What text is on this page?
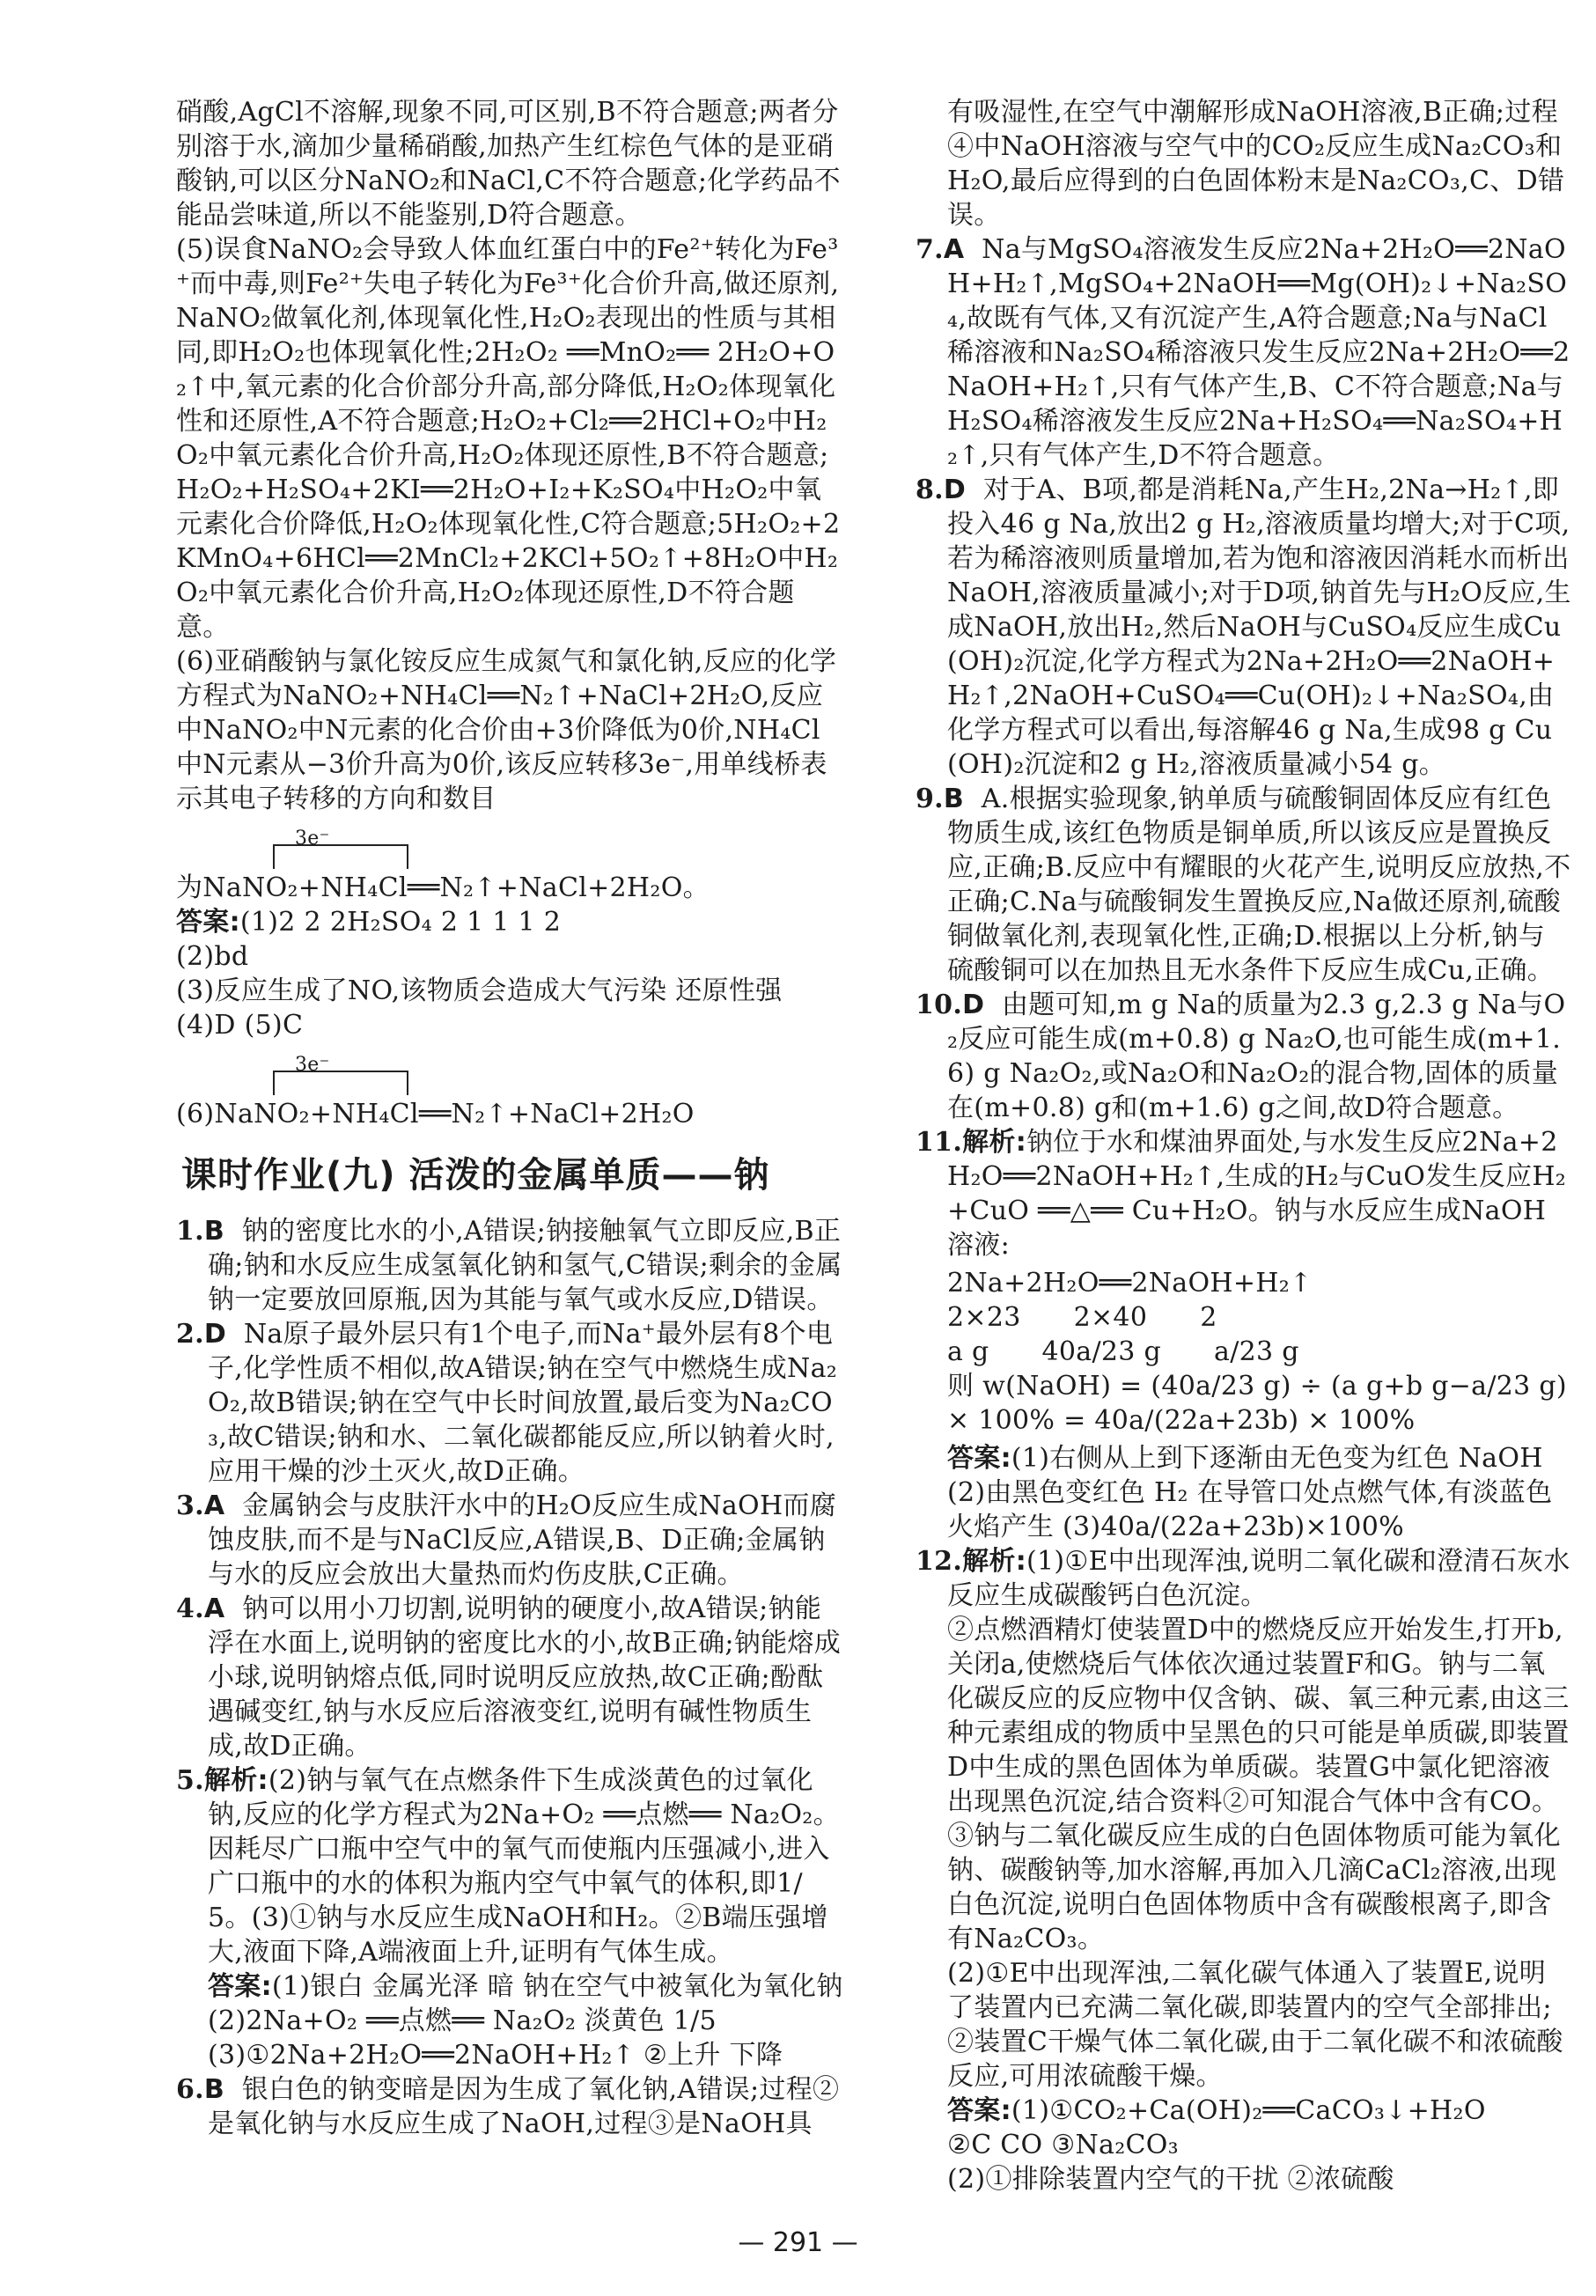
硝酸,AgCl不溶解,现象不同,可区别,B不符合题意;两者分别溶于水,滴加少量稀硝酸,加热产生红棕色气体的是亚硝酸钠,可以区分NaNO₂和NaCl,C不符合题意;化学药品不能品尝味道,所以不能鉴别,D符合题意。

(5)误食NaNO₂会导致人体血红蛋白中的Fe²⁺转化为Fe³⁺而中毒,则Fe²⁺失电子转化为Fe³⁺化合价升高,做还原剂,NaNO₂做氧化剂,体现氧化性,H₂O₂表现出的性质与其相同,即H₂O₂也体现氧化性;2H₂O₂ ══MnO₂══ 2H₂O+O₂↑中,氧元素的化合价部分升高,部分降低,H₂O₂体现氧化性和还原性,A不符合题意;H₂O₂+Cl₂══2HCl+O₂中H₂O₂中氧元素化合价升高,H₂O₂体现还原性,B不符合题意;H₂O₂+H₂SO₄+2KI══2H₂O+I₂+K₂SO₄中H₂O₂中氧元素化合价降低,H₂O₂体现氧化性,C符合题意;5H₂O₂+2KMnO₄+6HCl══2MnCl₂+2KCl+5O₂↑+8H₂O中H₂O₂中氧元素化合价升高,H₂O₂体现还原性,D不符合题意。

(6)亚硝酸钠与氯化铵反应生成氮气和氯化钠,反应的化学方程式为NaNO₂+NH₄Cl══N₂↑+NaCl+2H₂O,反应中NaNO₂中N元素的化合价由+3价降低为0价,NH₄Cl中N元素从−3价升高为0价,该反应转移3e⁻,用单线桥表示其电子转移的方向和数目

3e⁻

为NaNO₂+NH₄Cl══N₂↑+NaCl+2H₂O。

答案:(1)2 2 2H₂SO₄ 2 1 1 1 2

(2)bd

(3)反应生成了NO,该物质会造成大气污染 还原性强

(4)D (5)C

3e⁻

(6)NaNO₂+NH₄Cl══N₂↑+NaCl+2H₂O

课时作业(九) 活泼的金属单质——钠

1.B 钠的密度比水的小,A错误;钠接触氧气立即反应,B正确;钠和水反应生成氢氧化钠和氢气,C错误;剩余的金属钠一定要放回原瓶,因为其能与氧气或水反应,D错误。

2.D Na原子最外层只有1个电子,而Na⁺最外层有8个电子,化学性质不相似,故A错误;钠在空气中燃烧生成Na₂O₂,故B错误;钠在空气中长时间放置,最后变为Na₂CO₃,故C错误;钠和水、二氧化碳都能反应,所以钠着火时,应用干燥的沙土灭火,故D正确。

3.A 金属钠会与皮肤汗水中的H₂O反应生成NaOH而腐蚀皮肤,而不是与NaCl反应,A错误,B、D正确;金属钠与水的反应会放出大量热而灼伤皮肤,C正确。

4.A 钠可以用小刀切割,说明钠的硬度小,故A错误;钠能浮在水面上,说明钠的密度比水的小,故B正确;钠能熔成小球,说明钠熔点低,同时说明反应放热,故C正确;酚酞遇碱变红,钠与水反应后溶液变红,说明有碱性物质生成,故D正确。

5.解析:(2)钠与氧气在点燃条件下生成淡黄色的过氧化钠,反应的化学方程式为2Na+O₂ ══点燃══ Na₂O₂。因耗尽广口瓶中空气中的氧气而使瓶内压强减小,进入广口瓶中的水的体积为瓶内空气中氧气的体积,即1/5。(3)①钠与水反应生成NaOH和H₂。②B端压强增大,液面下降,A端液面上升,证明有气体生成。

答案:(1)银白 金属光泽 暗 钠在空气中被氧化为氧化钠

(2)2Na+O₂ ══点燃══ Na₂O₂ 淡黄色 1/5

(3)①2Na+2H₂O══2NaOH+H₂↑ ②上升 下降

6.B 银白色的钠变暗是因为生成了氧化钠,A错误;过程②是氧化钠与水反应生成了NaOH,过程③是NaOH具

有吸湿性,在空气中潮解形成NaOH溶液,B正确;过程④中NaOH溶液与空气中的CO₂反应生成Na₂CO₃和H₂O,最后应得到的白色固体粉末是Na₂CO₃,C、D错误。

7.A Na与MgSO₄溶液发生反应2Na+2H₂O══2NaOH+H₂↑,MgSO₄+2NaOH══Mg(OH)₂↓+Na₂SO₄,故既有气体,又有沉淀产生,A符合题意;Na与NaCl稀溶液和Na₂SO₄稀溶液只发生反应2Na+2H₂O══2NaOH+H₂↑,只有气体产生,B、C不符合题意;Na与H₂SO₄稀溶液发生反应2Na+H₂SO₄══Na₂SO₄+H₂↑,只有气体产生,D不符合题意。

8.D 对于A、B项,都是消耗Na,产生H₂,2Na→H₂↑,即投入46 g Na,放出2 g H₂,溶液质量均增大;对于C项,若为稀溶液则质量增加,若为饱和溶液因消耗水而析出NaOH,溶液质量减小;对于D项,钠首先与H₂O反应,生成NaOH,放出H₂,然后NaOH与CuSO₄反应生成Cu(OH)₂沉淀,化学方程式为2Na+2H₂O══2NaOH+H₂↑,2NaOH+CuSO₄══Cu(OH)₂↓+Na₂SO₄,由化学方程式可以看出,每溶解46 g Na,生成98 g Cu(OH)₂沉淀和2 g H₂,溶液质量减小54 g。

9.B A.根据实验现象,钠单质与硫酸铜固体反应有红色物质生成,该红色物质是铜单质,所以该反应是置换反应,正确;B.反应中有耀眼的火花产生,说明反应放热,不正确;C.Na与硫酸铜发生置换反应,Na做还原剂,硫酸铜做氧化剂,表现氧化性,正确;D.根据以上分析,钠与硫酸铜可以在加热且无水条件下反应生成Cu,正确。

10.D 由题可知,m g Na的质量为2.3 g,2.3 g Na与O₂反应可能生成(m+0.8) g Na₂O,也可能生成(m+1.6) g Na₂O₂,或Na₂O和Na₂O₂的混合物,固体的质量在(m+0.8) g和(m+1.6) g之间,故D符合题意。

11.解析:钠位于水和煤油界面处,与水发生反应2Na+2H₂O══2NaOH+H₂↑,生成的H₂与CuO发生反应H₂+CuO ══△══ Cu+H₂O。钠与水反应生成NaOH溶液:

2Na+2H₂O══2NaOH+H₂↑
2×23 2×40 2
a g 40a/23 g a/23 g
则 w(NaOH) = (40a/23 g) ÷ (a g+b g−a/23 g) × 100% = 40a/(22a+23b) × 100%

答案:(1)右侧从上到下逐渐由无色变为红色 NaOH

(2)由黑色变红色 H₂ 在导管口处点燃气体,有淡蓝色火焰产生 (3)40a/(22a+23b)×100%

12.解析:(1)①E中出现浑浊,说明二氧化碳和澄清石灰水反应生成碳酸钙白色沉淀。

②点燃酒精灯使装置D中的燃烧反应开始发生,打开b,关闭a,使燃烧后气体依次通过装置F和G。钠与二氧化碳反应的反应物中仅含钠、碳、氧三种元素,由这三种元素组成的物质中呈黑色的只可能是单质碳,即装置D中生成的黑色固体为单质碳。装置G中氯化钯溶液出现黑色沉淀,结合资料②可知混合气体中含有CO。

③钠与二氧化碳反应生成的白色固体物质可能为氧化钠、碳酸钠等,加水溶解,再加入几滴CaCl₂溶液,出现白色沉淀,说明白色固体物质中含有碳酸根离子,即含有Na₂CO₃。

(2)①E中出现浑浊,二氧化碳气体通入了装置E,说明了装置内已充满二氧化碳,即装置内的空气全部排出;②装置C干燥气体二氧化碳,由于二氧化碳不和浓硫酸反应,可用浓硫酸干燥。

答案:(1)①CO₂+Ca(OH)₂══CaCO₃↓+H₂O

②C CO ③Na₂CO₃

(2)①排除装置内空气的干扰 ②浓硫酸

— 291 —
